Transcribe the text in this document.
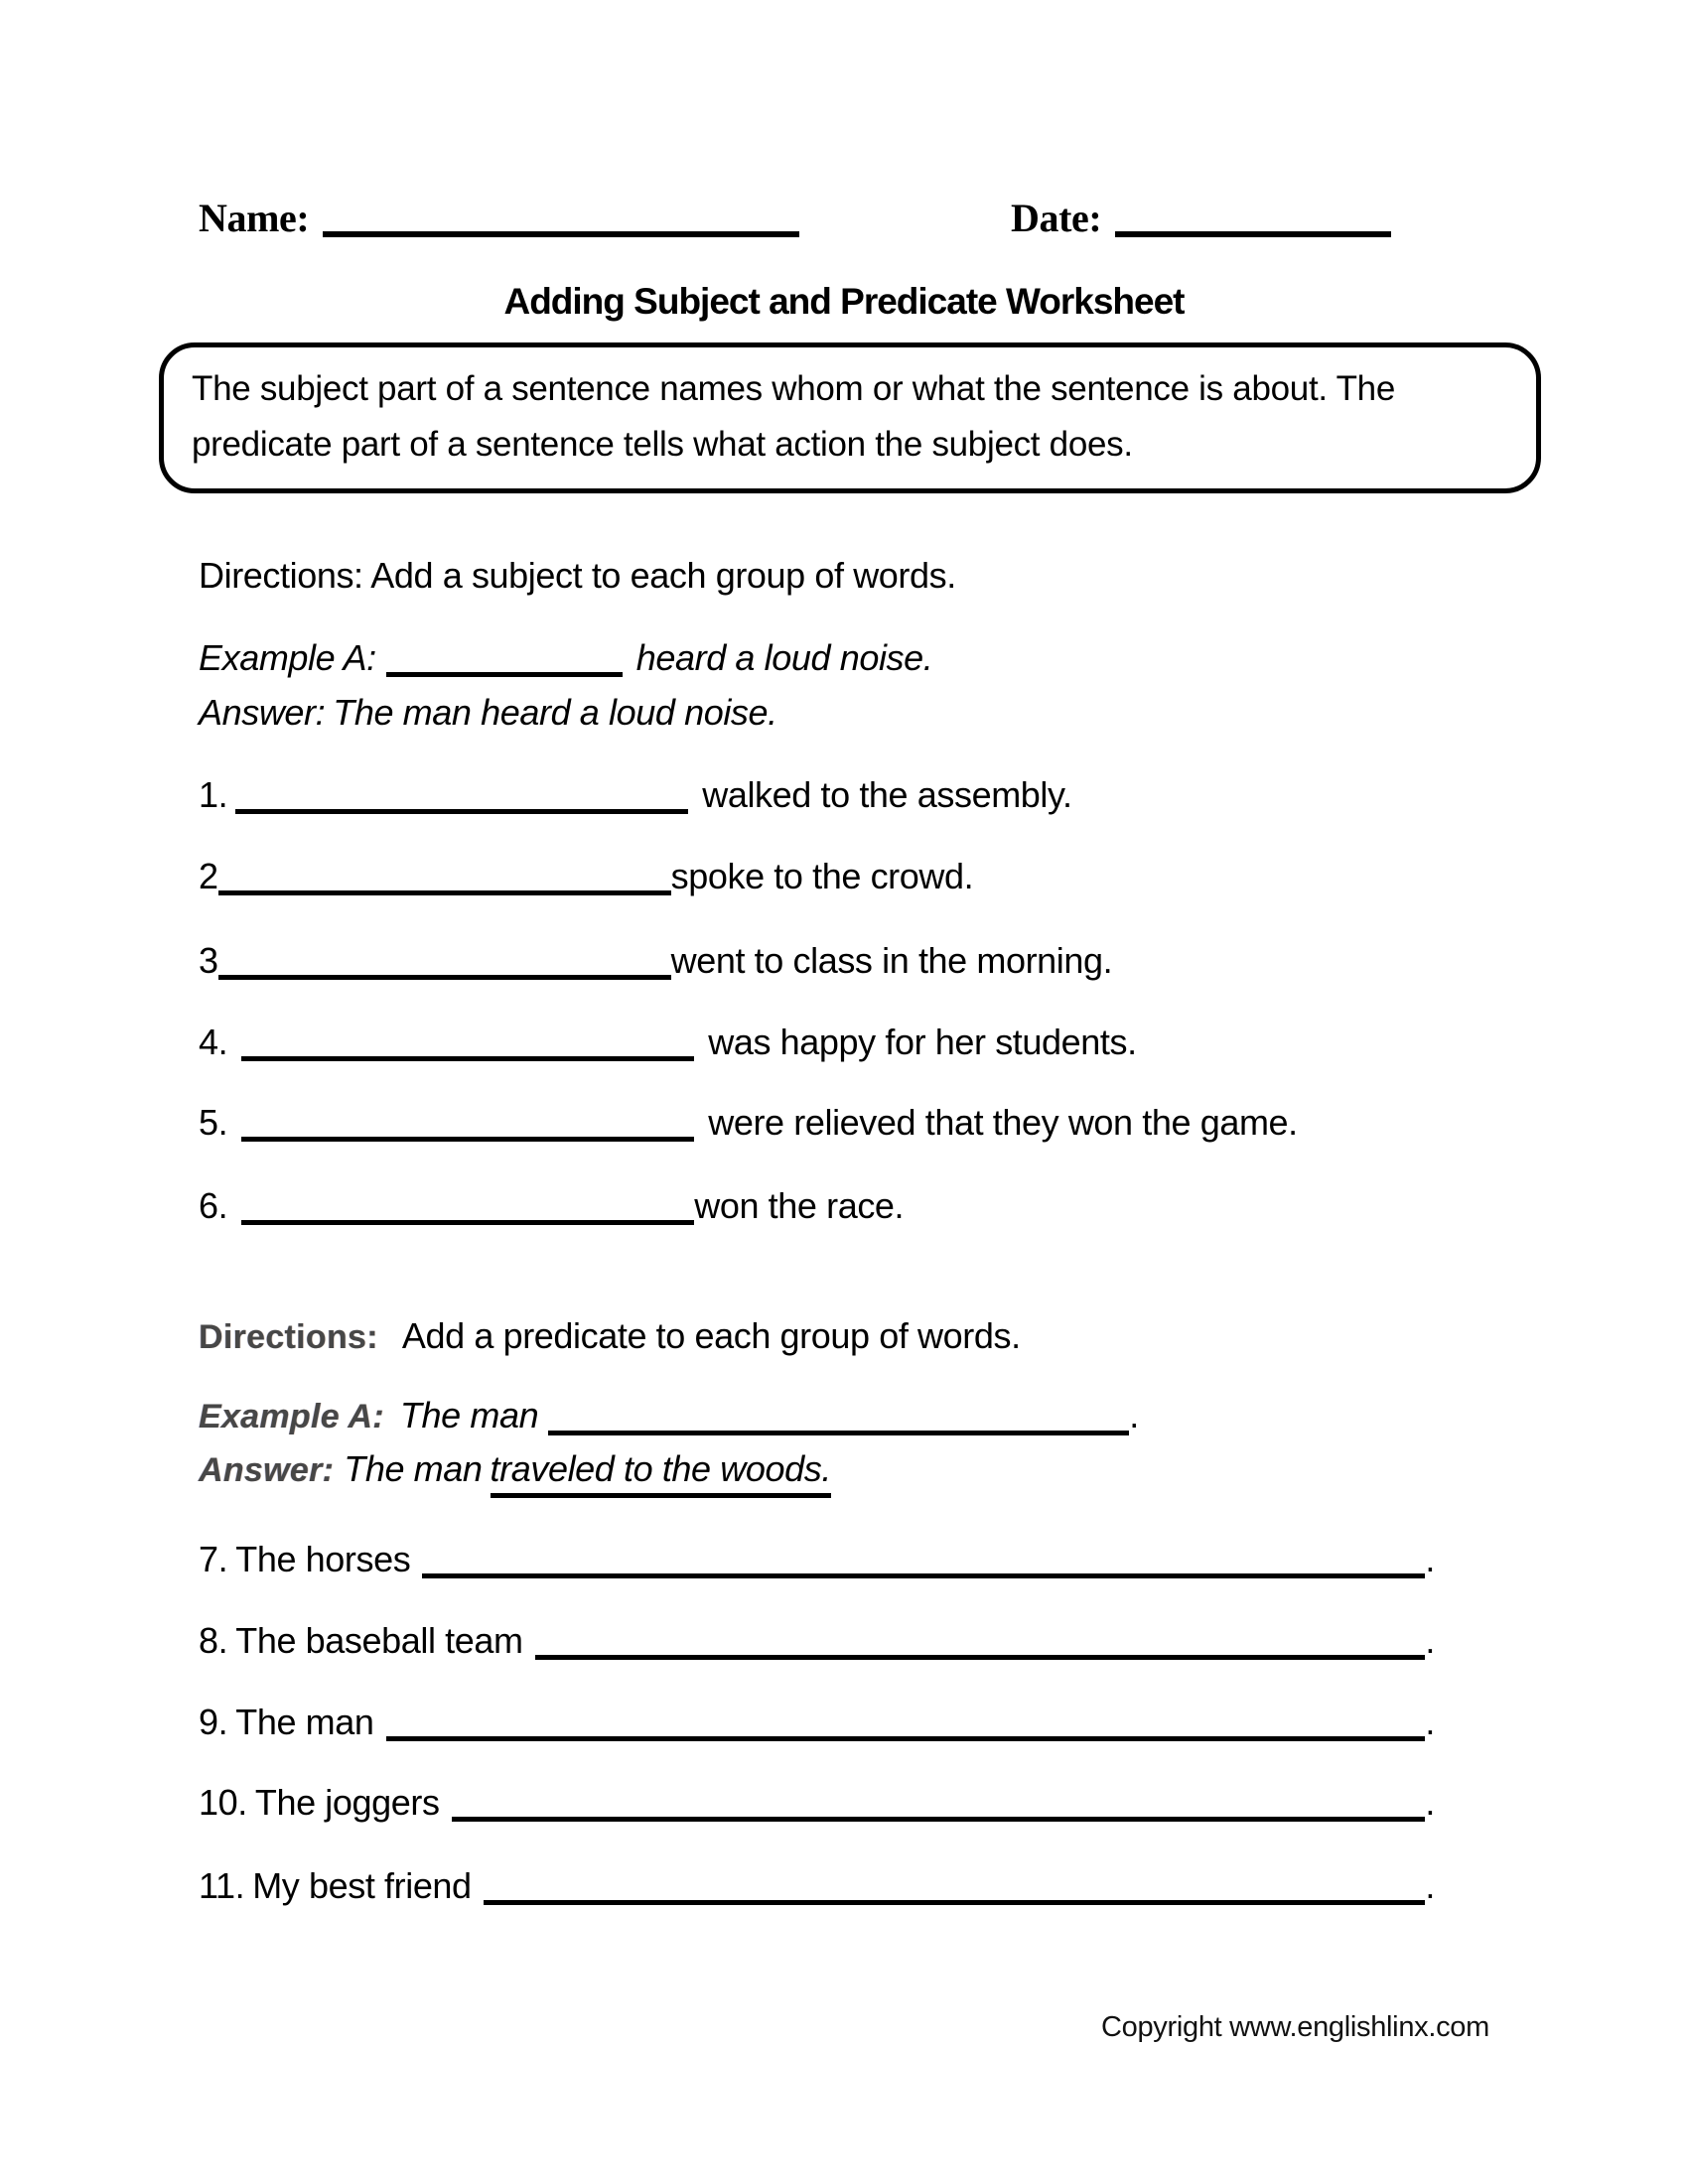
Name:	Date:
Adding Subject and Predicate Worksheet
The subject part of a sentence names whom or what the sentence is about. The predicate part of a sentence tells what action the subject does.
Directions: Add a subject to each group of words.
Example A:	heard a loud noise.
Answer: The man heard a loud noise.
1.	walked to the assembly.
2	spoke to the crowd.
3	went to class in the morning.
4.	was happy for her students.
5.	were relieved that they won the game.
6.	won the race.
Directions: Add a predicate to each group of words.
Example A: The man	.
Answer: The man traveled to the woods.
7. The horses	.
8. The baseball team	.
9. The man	.
10. The joggers	.
11. My best friend	.
Copyright www.englishlinx.com
